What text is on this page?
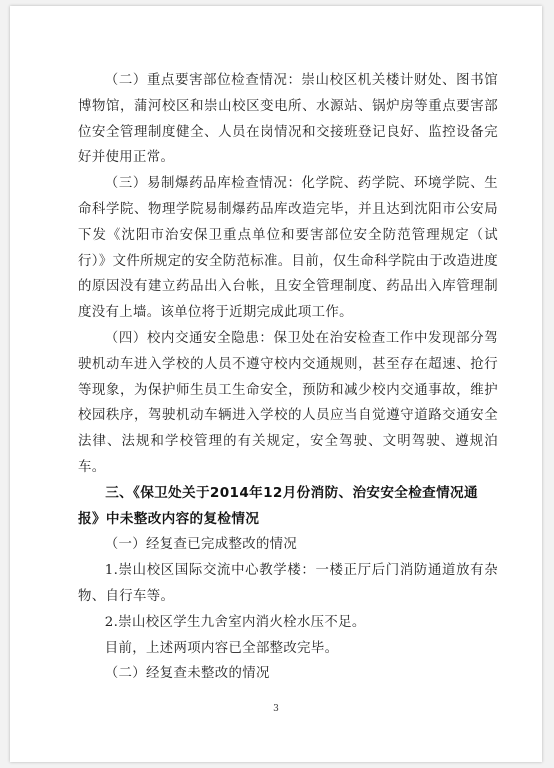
（二）重点要害部位检查情况：崇山校区机关楼计财处、图书馆博物馆，蒲河校区和崇山校区变电所、水源站、锅炉房等重点要害部位安全管理制度健全、人员在岗情况和交接班登记良好、监控设备完好并使用正常。

（三）易制爆药品库检查情况：化学院、药学院、环境学院、生命科学院、物理学院易制爆药品库改造完毕，并且达到沈阳市公安局下发《沈阳市治安保卫重点单位和要害部位安全防范管理规定（试行）》文件所规定的安全防范标准。目前，仅生命科学院由于改造进度的原因没有建立药品出入台帐，且安全管理制度、药品出入库管理制度没有上墙。该单位将于近期完成此项工作。

（四）校内交通安全隐患：保卫处在治安检查工作中发现部分驾驶机动车进入学校的人员不遵守校内交通规则，甚至存在超速、抢行等现象，为保护师生员工生命安全，预防和减少校内交通事故，维护校园秩序，驾驶机动车辆进入学校的人员应当自觉遵守道路交通安全法律、法规和学校管理的有关规定，安全驾驶、文明驾驶、遵规泊车。

三、《保卫处关于2014年12月份消防、治安安全检查情况通报》中未整改内容的复检情况

（一）经复查已完成整改的情况

1.崇山校区国际交流中心教学楼：一楼正厅后门消防通道放有杂物、自行车等。

2.崇山校区学生九舍室内消火栓水压不足。

目前，上述两项内容已全部整改完毕。

（二）经复查未整改的情况

3
